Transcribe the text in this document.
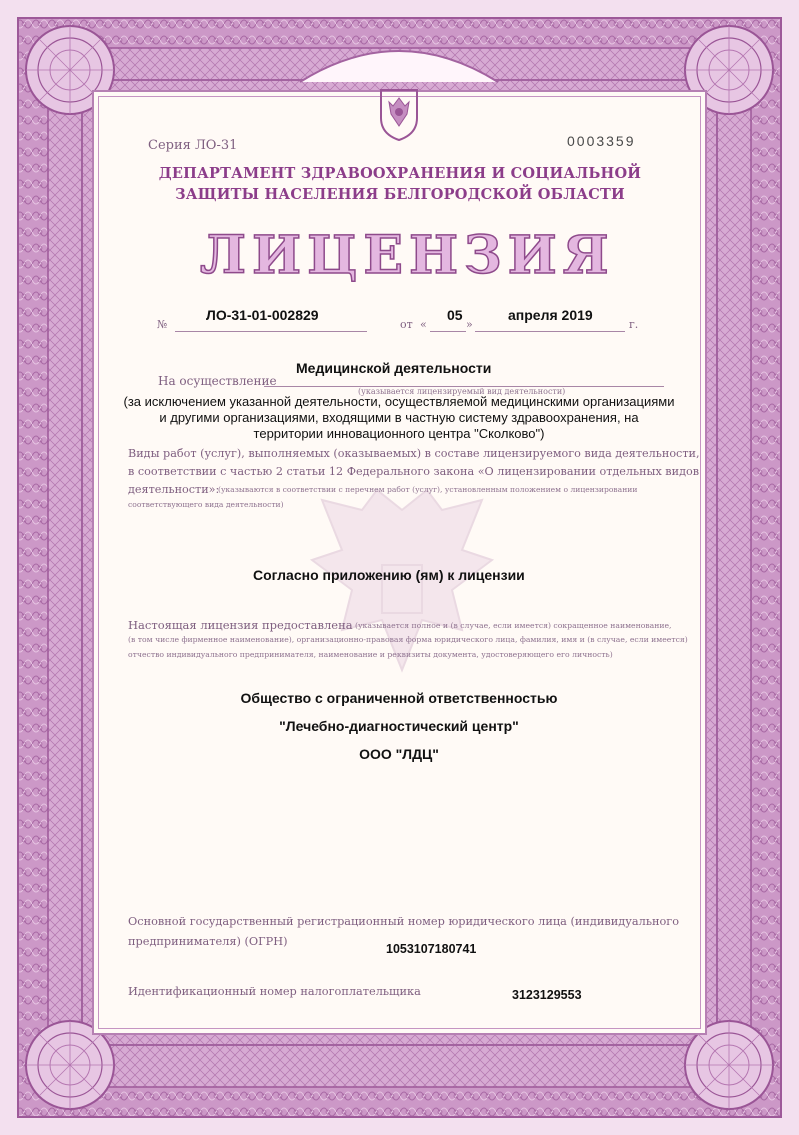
Серия ЛО-31	0003359
ДЕПАРТАМЕНТ ЗДРАВООХРАНЕНИЯ И СОЦИАЛЬНОЙ
ЗАЩИТЫ НАСЕЛЕНИЯ БЕЛГОРОДСКОЙ ОБЛАСТИ
ЛИЦЕНЗИЯ
№
ЛО-31-01-002829
от «
05
»
апреля 2019
г.
Медицинской деятельности
На осуществление
(указывается лицензируемый вид деятельности)
(за исключением указанной деятельности, осуществляемой медицинскими организациями
и другими организациями, входящими в частную систему здравоохранения, на
территории инновационного центра "Сколково")
Виды работ (услуг), выполняемых (оказываемых) в составе лицензируемого вида деятельности,
в соответствии с частью 2 статьи 12 Федерального закона «О лицензировании отдельных видов
деятельности»:
(указываются в соответствии с перечнем работ (услуг), установленным положением о лицензировании
соответствующего вида деятельности)
Согласно приложению (ям) к лицензии
Настоящая лицензия предоставлена (указывается полное и (в случае, если имеется) сокращенное наименование,
(в том числе фирменное наименование), организационно-правовая форма юридического лица, фамилия, имя и (в случае, если имеется)
отчество индивидуального предпринимателя, наименование и реквизиты документа, удостоверяющего его личность)
Общество с ограниченной ответственностью
"Лечебно-диагностический центр"
ООО "ЛДЦ"
Основной государственный регистрационный номер юридического лица (индивидуального
предпринимателя) (ОГРН)
1053107180741
Идентификационный номер налогоплательщика	3123129553
